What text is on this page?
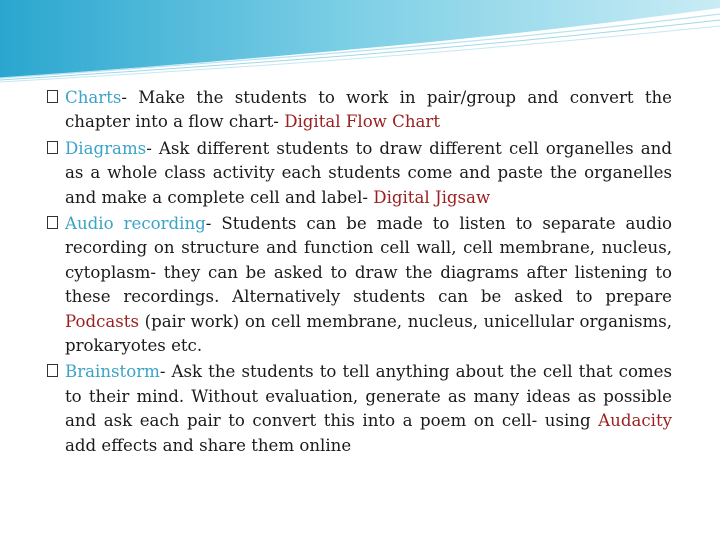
Charts- Make the students to work in pair/group and convert the chapter into a flow chart- Digital Flow Chart

Diagrams- Ask different students to draw different cell organelles and as a whole class activity each students come and paste the organelles and make a complete cell and label- Digital Jigsaw

Audio recording- Students can be made to listen to separate audio recording on structure and function cell wall, cell membrane, nucleus, cytoplasm- they can be asked to draw the diagrams after listening to these recordings. Alternatively students can be asked to prepare Podcasts (pair work) on cell membrane, nucleus, unicellular organisms, prokaryotes etc.

Brainstorm- Ask the students to tell anything about the cell that comes to their mind. Without evaluation, generate as many ideas as possible and ask each pair to convert this into a poem on cell- using Audacity add effects and share them online
